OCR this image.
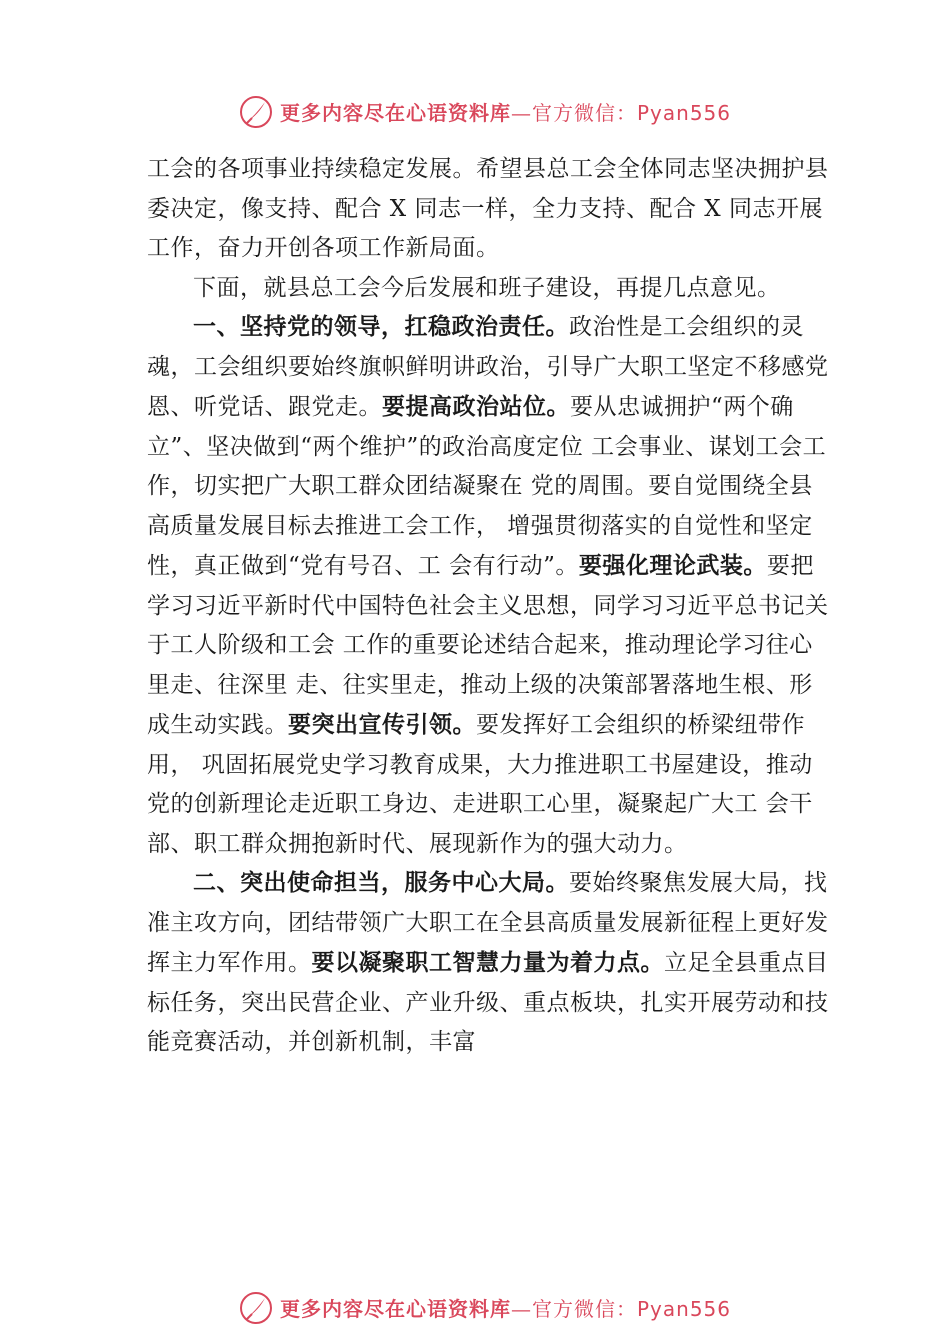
更多内容尽在心语资料库—官方微信：Pyan556

工会的各项事业持续稳定发展。希望县总工会全体同志坚决拥护县委决定，像支持、配合 X 同志一样，全力支持、配合 X 同志开展工作，奋力开创各项工作新局面。

下面，就县总工会今后发展和班子建设，再提几点意见。

一、坚持党的领导，扛稳政治责任。政治性是工会组织的灵魂，工会组织要始终旗帜鲜明讲政治，引导广大职工坚定不移感党恩、听党话、跟党走。要提高政治站位。要从忠诚拥护“两个确立”、坚决做到“两个维护”的政治高度定位 工会事业、谋划工会工作，切实把广大职工群众团结凝聚在 党的周围。要自觉围绕全县高质量发展目标去推进工会工作， 增强贯彻落实的自觉性和坚定性，真正做到“党有号召、工 会有行动”。要强化理论武装。要把学习习近平新时代中国特色社会主义思想，同学习习近平总书记关于工人阶级和工会 工作的重要论述结合起来，推动理论学习往心里走、往深里 走、往实里走，推动上级的决策部署落地生根、形成生动实践。要突出宣传引领。要发挥好工会组织的桥梁纽带作用， 巩固拓展党史学习教育成果，大力推进职工书屋建设，推动 党的创新理论走近职工身边、走进职工心里，凝聚起广大工 会干部、职工群众拥抱新时代、展现新作为的强大动力。

二、突出使命担当，服务中心大局。要始终聚焦发展大局，找准主攻方向，团结带领广大职工在全县高质量发展新征程上更好发挥主力军作用。要以凝聚职工智慧力量为着力点。立足全县重点目标任务，突出民营企业、产业升级、重点板块，扎实开展劳动和技能竞赛活动，并创新机制，丰富

更多内容尽在心语资料库—官方微信：Pyan556
